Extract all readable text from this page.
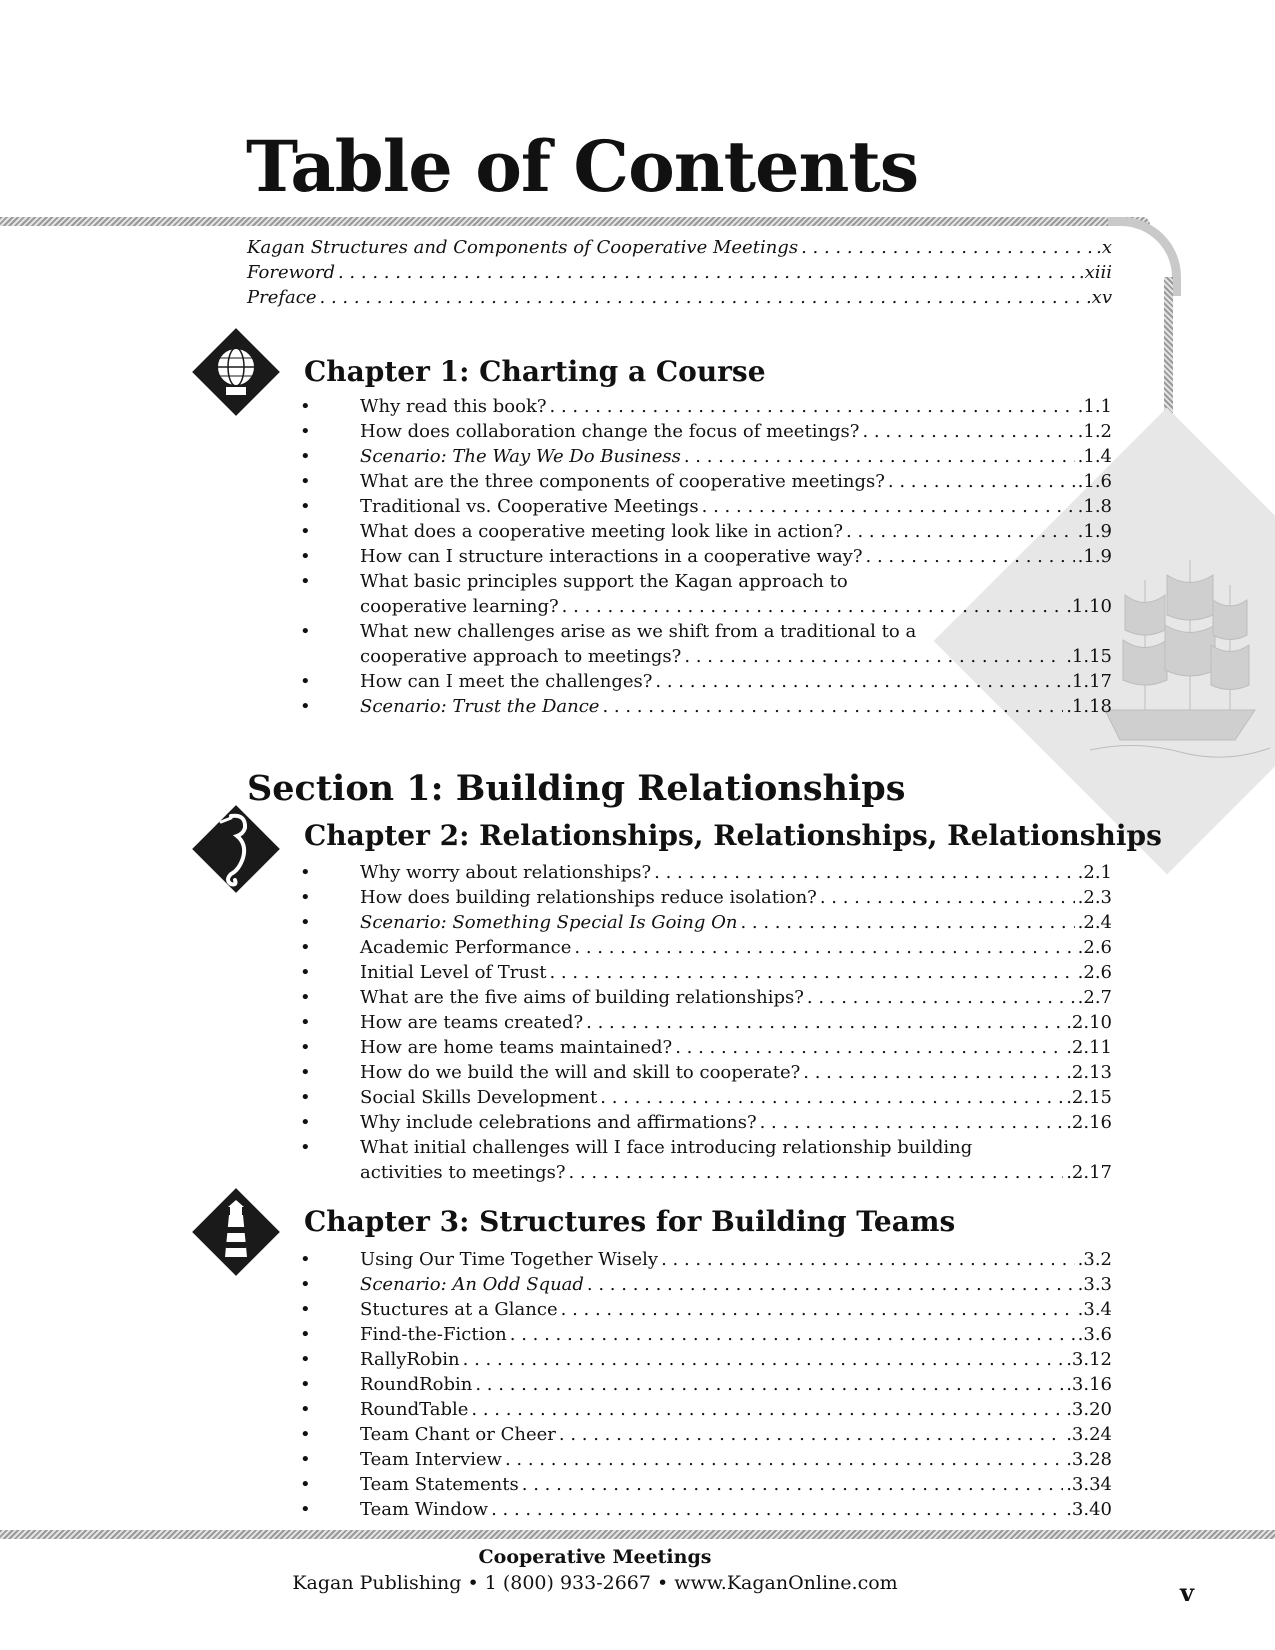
Table of Contents
Kagan Structures and Components of Cooperative Meetings . . .	.x
Foreword . . .	.xiii
Preface . . .	.xv
Chapter 1: Charting a Course
•	Why read this book? . . .	.1.1
•	How does collaboration change the focus of meetings? . . .	.1.2
•	Scenario: The Way We Do Business . . .	.1.4
•	What are the three components of cooperative meetings? . . .	.1.6
•	Traditional vs. Cooperative Meetings . . .	.1.8
•	What does a cooperative meeting look like in action? . . .	.1.9
•	How can I structure interactions in a cooperative way? . . .	.1.9
•	What basic principles support the Kagan approach to
cooperative learning? . . .	.1.10
•	What new challenges arise as we shift from a traditional to a
cooperative approach to meetings? . . .	.1.15
•	How can I meet the challenges? . . .	.1.17
•	Scenario: Trust the Dance . . .	.1.18
Section 1: Building Relationships
Chapter 2: Relationships, Relationships, Relationships
•	Why worry about relationships? . . .	.2.1
•	How does building relationships reduce isolation? . . .	.2.3
•	Scenario: Something Special Is Going On . . .	.2.4
•	Academic Performance . . .	.2.6
•	Initial Level of Trust . . .	.2.6
•	What are the five aims of building relationships? . . .	.2.7
•	How are teams created? . . .	.2.10
•	How are home teams maintained? . . .	.2.11
•	How do we build the will and skill to cooperate? . . .	.2.13
•	Social Skills Development . . .	.2.15
•	Why include celebrations and affirmations? . . .	.2.16
•	What initial challenges will I face introducing relationship building
activities to meetings? . . .	.2.17
Chapter 3: Structures for Building Teams
•	Using Our Time Together Wisely . . .	.3.2
•	Scenario: An Odd Squad . . .	.3.3
•	Stuctures at a Glance . . .	.3.4
•	Find-the-Fiction . . .	.3.6
•	RallyRobin . . .	.3.12
•	RoundRobin . . .	.3.16
•	RoundTable . . .	.3.20
•	Team Chant or Cheer . . .	.3.24
•	Team Interview . . .	.3.28
•	Team Statements . . .	.3.34
•	Team Window . . .	.3.40
Cooperative Meetings
Kagan Publishing • 1 (800) 933-2667 • www.KaganOnline.com	v
